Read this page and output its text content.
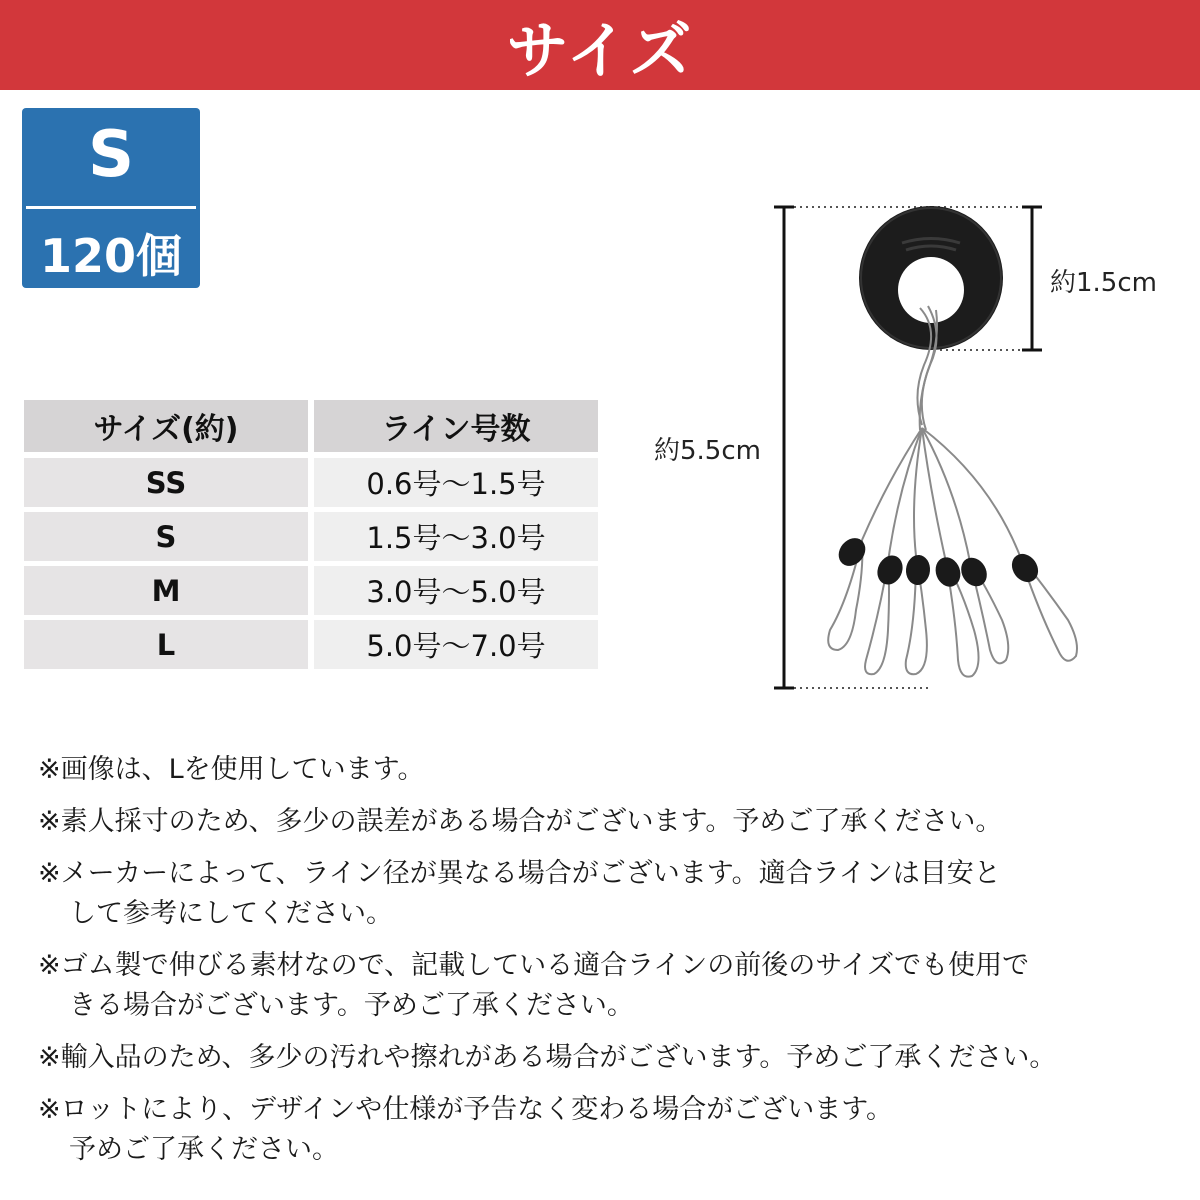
サイズ
S
120個
サイズ(約)	ライン号数
SS	0.6号〜1.5号
S	1.5号〜3.0号
M	3.0号〜5.0号
L	5.0号〜7.0号
約1.5cm
約5.5cm
※画像は、Lを使用しています。
※素人採寸のため、多少の誤差がある場合がございます。予めご了承ください。
※メーカーによって、ライン径が異なる場合がございます。適合ラインは目安と
して参考にしてください。
※ゴム製で伸びる素材なので、記載している適合ラインの前後のサイズでも使用で
きる場合がございます。予めご了承ください。
※輸入品のため、多少の汚れや擦れがある場合がございます。予めご了承ください。
※ロットにより、デザインや仕様が予告なく変わる場合がございます。
予めご了承ください。
